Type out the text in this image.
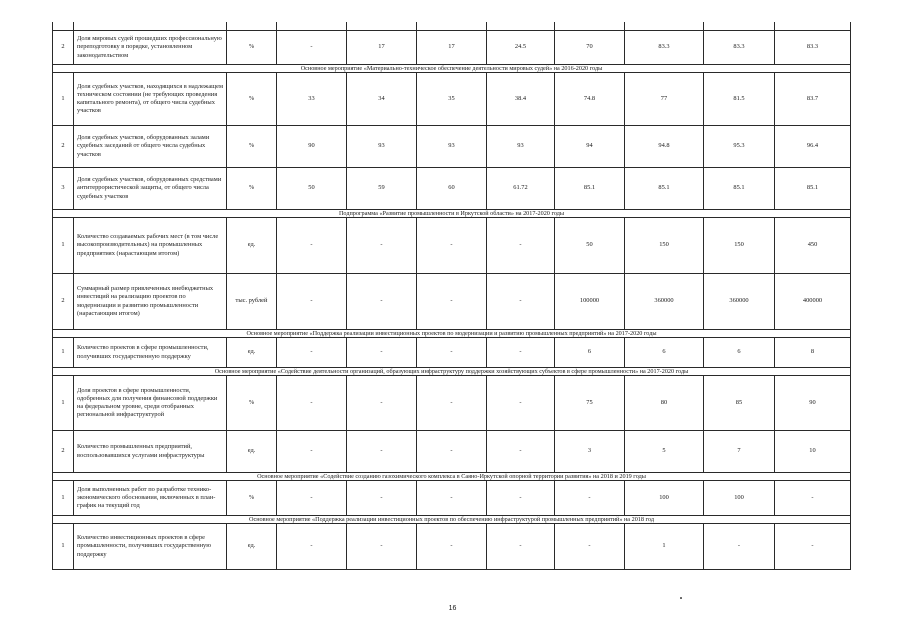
2	Доля мировых судей прошедших профессиональную переподготовку в порядке, установленном законодательством	%	-	17	17	24.5	70	83.3	83.3	83.3
Основное мероприятие «Материально-техническое обеспечение деятельности мировых судей» на 2016-2020 годы										
1	Доля судебных участков, находящихся в надлежащем техническом состоянии (не требующих проведения капитального ремонта), от общего числа судебных участков	%	33	34	35	38.4	74.8	77	81.5	83.7
2	Доля судебных участков, оборудованных залами судебных заседаний от общего числа судебных участков	%	90	93	93	93	94	94.8	95.3	96.4
3	Доля судебных участков, оборудованных средствами антитеррористической защиты, от общего числа судебных участков	%	50	59	60	61.72	85.1	85.1	85.1	85.1
Подпрограмма «Развитие промышленности в Иркутской области» на 2017-2020 годы										
1	Количество создаваемых рабочих мест (в том числе высокопроизводительных) на промышленных предприятиях (нарастающим итогом)	ед.	-	-	-	-	50	150	150	450
2	Суммарный размер привлеченных внебюджетных инвестиций на реализацию проектов по модернизации и развитию промышленности (нарастающим итогом)	тыс. рублей	-	-	-	-	100000	360000	360000	400000
Основное мероприятие «Поддержка реализации инвестиционных проектов по модернизации и развитию промышленных предприятий» на 2017-2020 годы										
1	Количество проектов в сфере промышленности, получивших государственную поддержку	ед.	-	-	-	-	6	6	6	8
Основное мероприятие «Содействие деятельности организаций, образующих инфраструктуру поддержки хозяйствующих субъектов в сфере промышленности» на 2017-2020 годы										
1	Доля проектов в сфере промышленности, одобренных для получения финансовой поддержки на федеральном уровне, среди отобранных региональной инфраструктурой	%	-	-	-	-	75	80	85	90
2	Количество промышленных предприятий, воспользовавшихся услугами инфраструктуры	ед.	-	-	-	-	3	5	7	10
Основное мероприятие «Содействие созданию газохимического комплекса в Саяно-Иркутской опорной территории развития» на 2018 и 2019 годы										
1	Доля выполненных работ по разработке технико-экономического обоснования, включенных в план-график на текущий год	%	-	-	-	-	-	100	100	-
Основное мероприятие «Поддержка реализации инвестиционных проектов по обеспечению инфраструктурой промышленных предприятий» на 2018 год										
1	Количество инвестиционных проектов в сфере промышленности, получивших государственную поддержку	ед.	-	-	-	-	-	1	-	-
16
